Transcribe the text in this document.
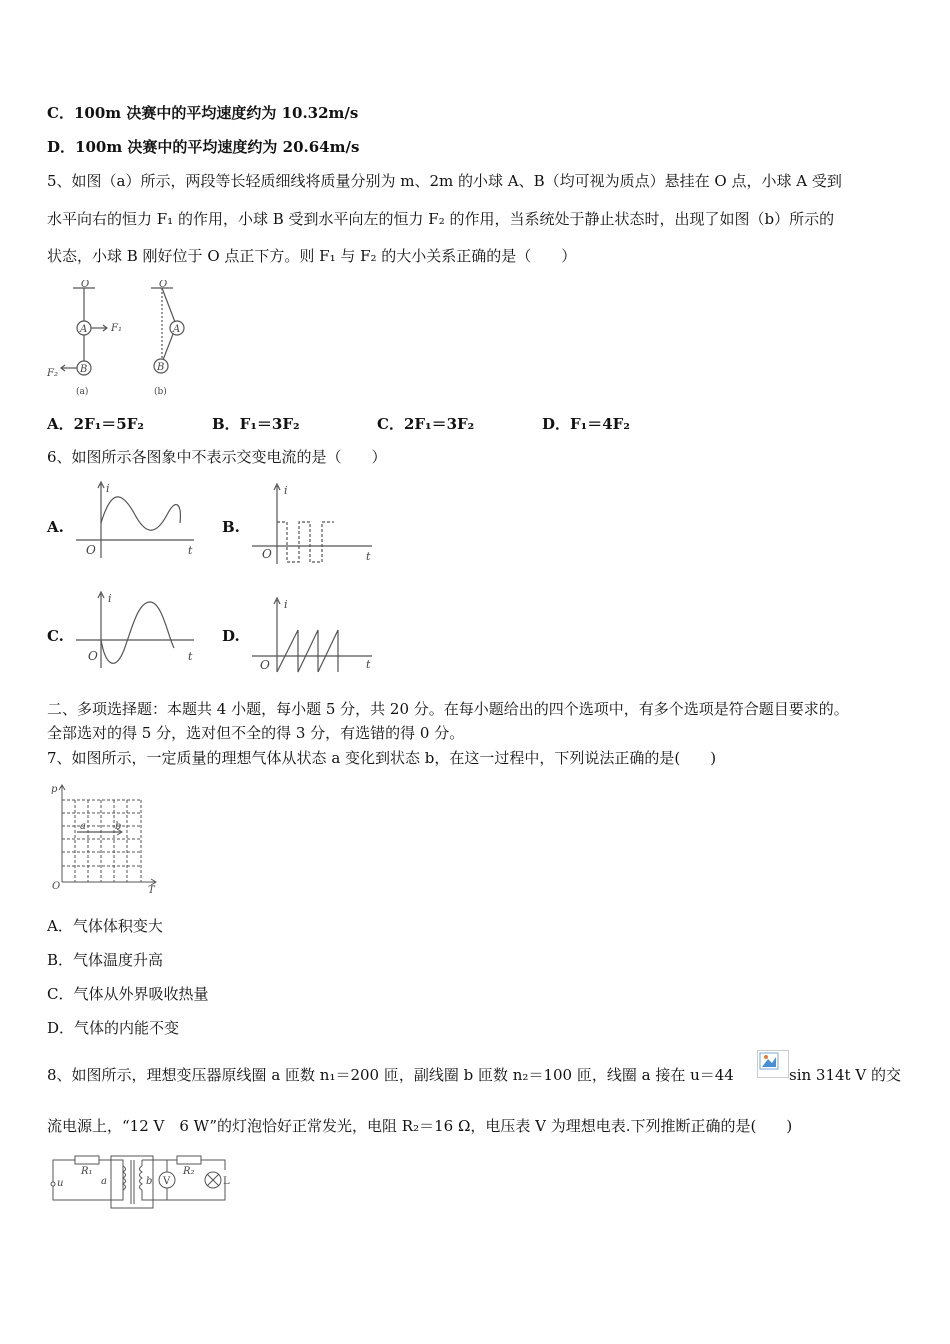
C．100m 决赛中的平均速度约为 10.32m/s
D．100m 决赛中的平均速度约为 20.64m/s
5、如图（a）所示，两段等长轻质细线将质量分别为 m、2m 的小球 A、B（均可视为质点）悬挂在 O 点，小球 A 受到
水平向右的恒力 F₁ 的作用，小球 B 受到水平向左的恒力 F₂ 的作用，当系统处于静止状态时，出现了如图（b）所示的
状态，小球 B 刚好位于 O 点正下方。则 F₁ 与 F₂ 的大小关系正确的是（　　）
O
A
B
F₁
F₂
O
A
B
(a)	(b)
A．2F₁＝5F₂	B．F₁＝3F₂	C．2F₁＝3F₂	D．F₁＝4F₂
6、如图所示各图象中不表示交变电流的是（　　）
A.
i
t
O
B.
i
t
O
C.
i
t
O
D.
i
t
O
二、多项选择题：本题共 4 小题，每小题 5 分，共 20 分。在每小题给出的四个选项中，有多个选项是符合题目要求的。
全部选对的得 5 分，选对但不全的得 3 分，有选错的得 0 分。
7、如图所示，一定质量的理想气体从状态 a 变化到状态 b，在这一过程中，下列说法正确的是(　　)
p
T
O
a	b
A．气体体积变大
B．气体温度升高
C．气体从外界吸收热量
D．气体的内能不变
8、如图所示，理想变压器原线圈 a 匝数 n₁＝200 匝，副线圈 b 匝数 n₂＝100 匝，线圈 a 接在 u＝44	sin 314t V 的交
流电源上，“12 V　6 W”的灯泡恰好正常发光，电阻 R₂＝16 Ω，电压表 V 为理想电表.下列推断正确的是(　　)
u
R₁
a	b
R₂
V	L
